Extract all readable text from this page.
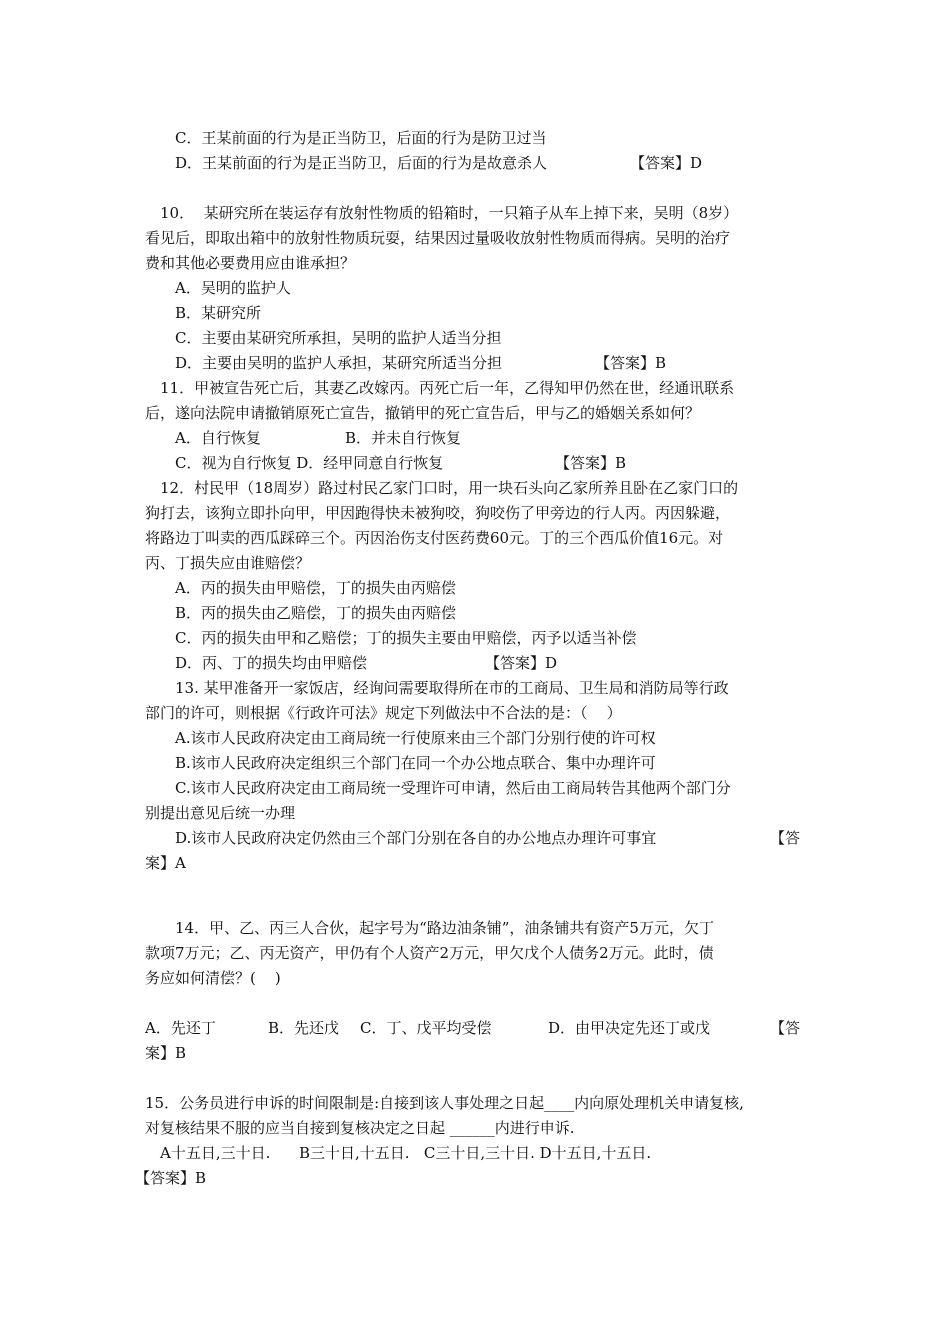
C．王某前面的行为是正当防卫，后面的行为是防卫过当
D．王某前面的行为是正当防卫，后面的行为是故意杀人	【答案】D
10．  某研究所在装运存有放射性物质的铅箱时，一只箱子从车上掉下来，吴明（8岁）
看见后，即取出箱中的放射性物质玩耍，结果因过量吸收放射性物质而得病。吴明的治疗
费和其他必要费用应由谁承担？
A．吴明的监护人
B．某研究所
C．主要由某研究所承担，吴明的监护人适当分担
D．主要由吴明的监护人承担，某研究所适当分担	【答案】B
11．甲被宣告死亡后，其妻乙改嫁丙。丙死亡后一年，乙得知甲仍然在世，经通讯联系
后，遂向法院申请撤销原死亡宣告，撤销甲的死亡宣告后，甲与乙的婚姻关系如何？
A．自行恢复	B．并未自行恢复
C．视为自行恢复 D．经甲同意自行恢复	【答案】B
12．村民甲（18周岁）路过村民乙家门口时，用一块石头向乙家所养且卧在乙家门口的
狗打去，该狗立即扑向甲，甲因跑得快未被狗咬，狗咬伤了甲旁边的行人丙。丙因躲避，
将路边丁叫卖的西瓜踩碎三个。丙因治伤支付医药费60元。丁的三个西瓜价值16元。对
丙、丁损失应由谁赔偿？
A．丙的损失由甲赔偿，丁的损失由丙赔偿
B．丙的损失由乙赔偿，丁的损失由丙赔偿
C．丙的损失由甲和乙赔偿；丁的损失主要由甲赔偿，丙予以适当补偿
D．丙、丁的损失均由甲赔偿	【答案】D
13. 某甲准备开一家饭店，经询问需要取得所在市的工商局、卫生局和消防局等行政
部门的许可，则根据《行政许可法》规定下列做法中不合法的是：（    ）
A.该市人民政府决定由工商局统一行使原来由三个部门分别行使的许可权
B.该市人民政府决定组织三个部门在同一个办公地点联合、集中办理许可
C.该市人民政府决定由工商局统一受理许可申请，然后由工商局转告其他两个部门分
别提出意见后统一办理
D.该市人民政府决定仍然由三个部门分别在各自的办公地点办理许可事宜	【答
案】A
14．甲、乙、丙三人合伙，起字号为“路边油条铺”，油条铺共有资产5万元，欠丁
款项7万元；乙、丙无资产，甲仍有个人资产2万元，甲欠戊个人债务2万元。此时，债
务应如何清偿？(    )
A．先还丁	B．先还戊 C．丁、戊平均受偿	D．由甲决定先还丁或戊	【答
案】B
15．公务员进行申诉的时间限制是:自接到该人事处理之日起____内向原处理机关申请复核,
对复核结果不服的应当自接到复核决定之日起 ______内进行申诉.
A十五日,三十日.      B三十日,十五日.   C三十日,三十日. D十五日,十五日.
【答案】B
